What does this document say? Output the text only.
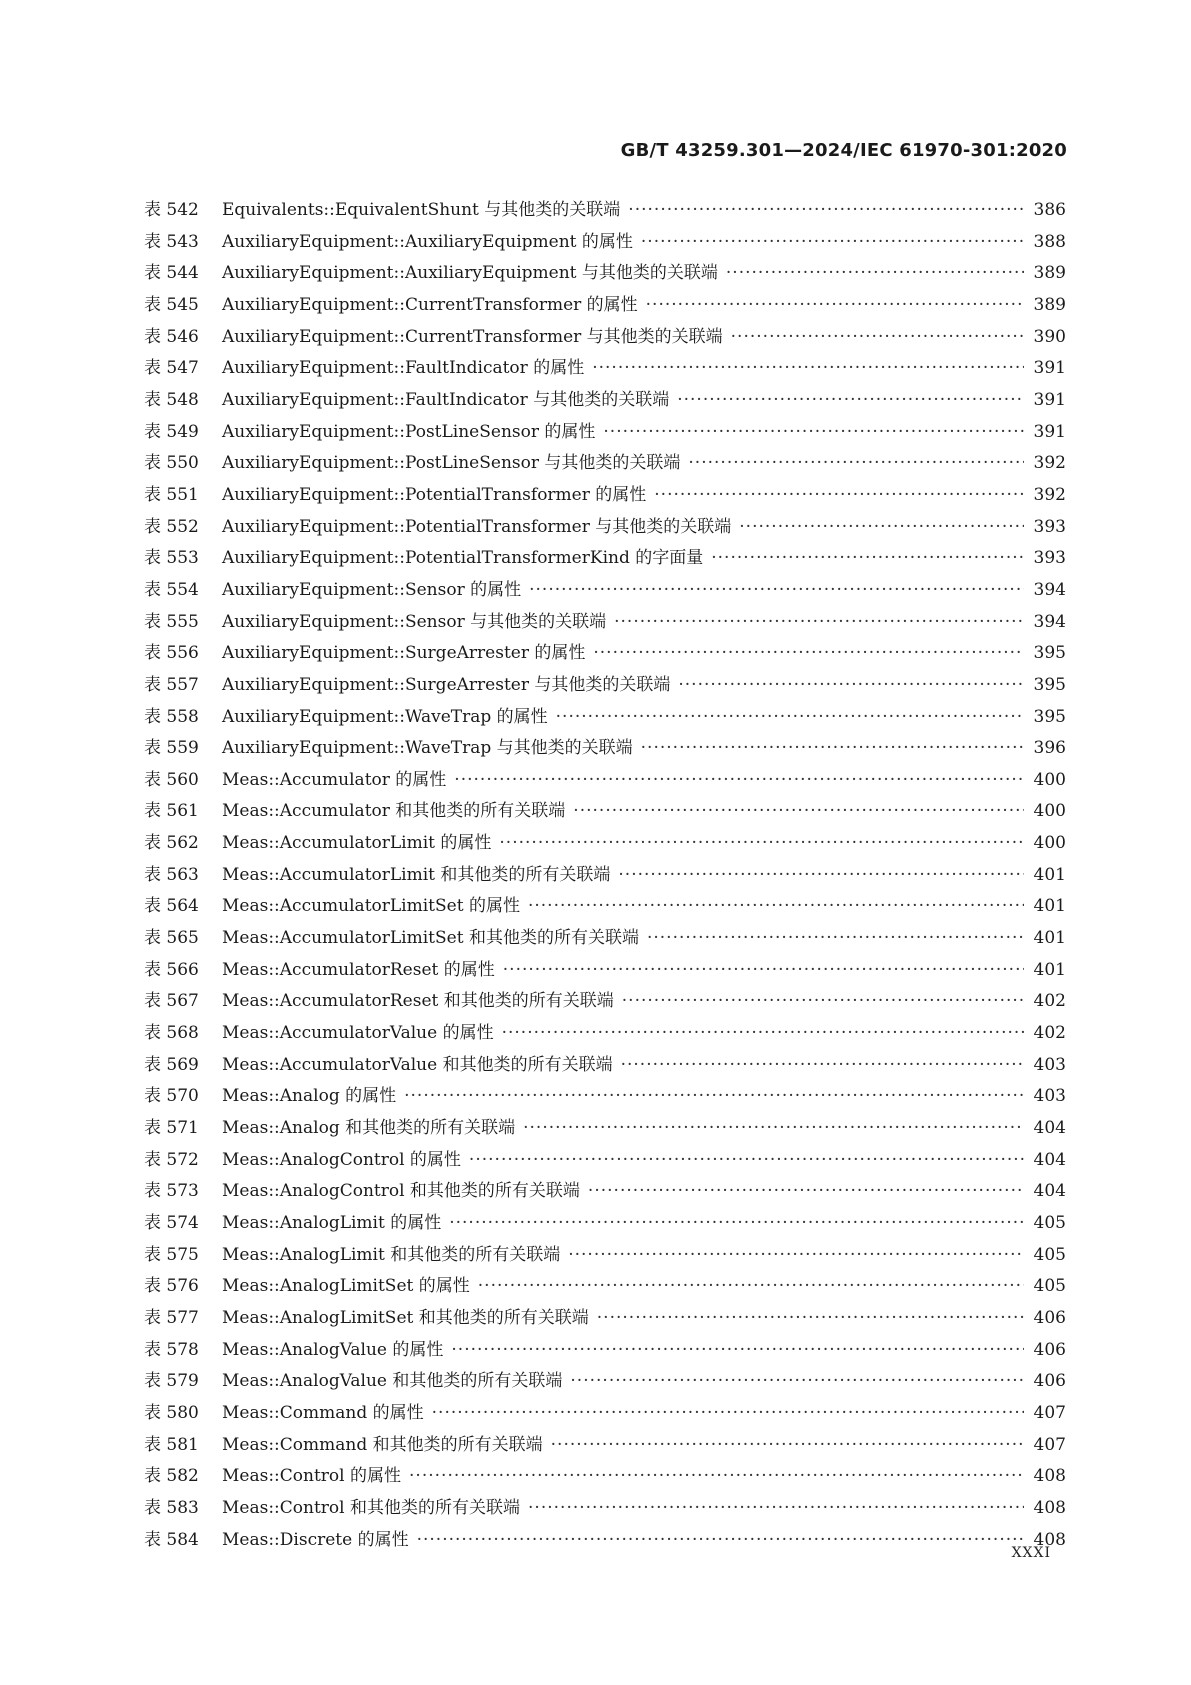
GB/T 43259.301—2024/IEC 61970-301:2020
表 542	Equivalents::EquivalentShunt 与其他类的关联端 ·····	386
表 543	AuxiliaryEquipment::AuxiliaryEquipment 的属性 ·····	388
表 544	AuxiliaryEquipment::AuxiliaryEquipment 与其他类的关联端 ·····	389
表 545	AuxiliaryEquipment::CurrentTransformer 的属性 ·····	389
表 546	AuxiliaryEquipment::CurrentTransformer 与其他类的关联端 ·····	390
表 547	AuxiliaryEquipment::FaultIndicator 的属性 ·····	391
表 548	AuxiliaryEquipment::FaultIndicator 与其他类的关联端 ·····	391
表 549	AuxiliaryEquipment::PostLineSensor 的属性 ·····	391
表 550	AuxiliaryEquipment::PostLineSensor 与其他类的关联端 ·····	392
表 551	AuxiliaryEquipment::PotentialTransformer 的属性 ·····	392
表 552	AuxiliaryEquipment::PotentialTransformer 与其他类的关联端 ·····	393
表 553	AuxiliaryEquipment::PotentialTransformerKind 的字面量 ·····	393
表 554	AuxiliaryEquipment::Sensor 的属性 ·····	394
表 555	AuxiliaryEquipment::Sensor 与其他类的关联端 ·····	394
表 556	AuxiliaryEquipment::SurgeArrester 的属性 ·····	395
表 557	AuxiliaryEquipment::SurgeArrester 与其他类的关联端 ·····	395
表 558	AuxiliaryEquipment::WaveTrap 的属性 ·····	395
表 559	AuxiliaryEquipment::WaveTrap 与其他类的关联端 ·····	396
表 560	Meas::Accumulator 的属性 ·····	400
表 561	Meas::Accumulator 和其他类的所有关联端 ·····	400
表 562	Meas::AccumulatorLimit 的属性 ·····	400
表 563	Meas::AccumulatorLimit 和其他类的所有关联端 ·····	401
表 564	Meas::AccumulatorLimitSet 的属性 ·····	401
表 565	Meas::AccumulatorLimitSet 和其他类的所有关联端 ·····	401
表 566	Meas::AccumulatorReset 的属性 ·····	401
表 567	Meas::AccumulatorReset 和其他类的所有关联端 ·····	402
表 568	Meas::AccumulatorValue 的属性 ·····	402
表 569	Meas::AccumulatorValue 和其他类的所有关联端 ·····	403
表 570	Meas::Analog 的属性 ·····	403
表 571	Meas::Analog 和其他类的所有关联端 ·····	404
表 572	Meas::AnalogControl 的属性 ·····	404
表 573	Meas::AnalogControl 和其他类的所有关联端 ·····	404
表 574	Meas::AnalogLimit 的属性 ·····	405
表 575	Meas::AnalogLimit 和其他类的所有关联端 ·····	405
表 576	Meas::AnalogLimitSet 的属性 ·····	405
表 577	Meas::AnalogLimitSet 和其他类的所有关联端 ·····	406
表 578	Meas::AnalogValue 的属性 ·····	406
表 579	Meas::AnalogValue 和其他类的所有关联端 ·····	406
表 580	Meas::Command 的属性 ·····	407
表 581	Meas::Command 和其他类的所有关联端 ·····	407
表 582	Meas::Control 的属性 ·····	408
表 583	Meas::Control 和其他类的所有关联端 ·····	408
表 584	Meas::Discrete 的属性 ·····	408
XXXI
